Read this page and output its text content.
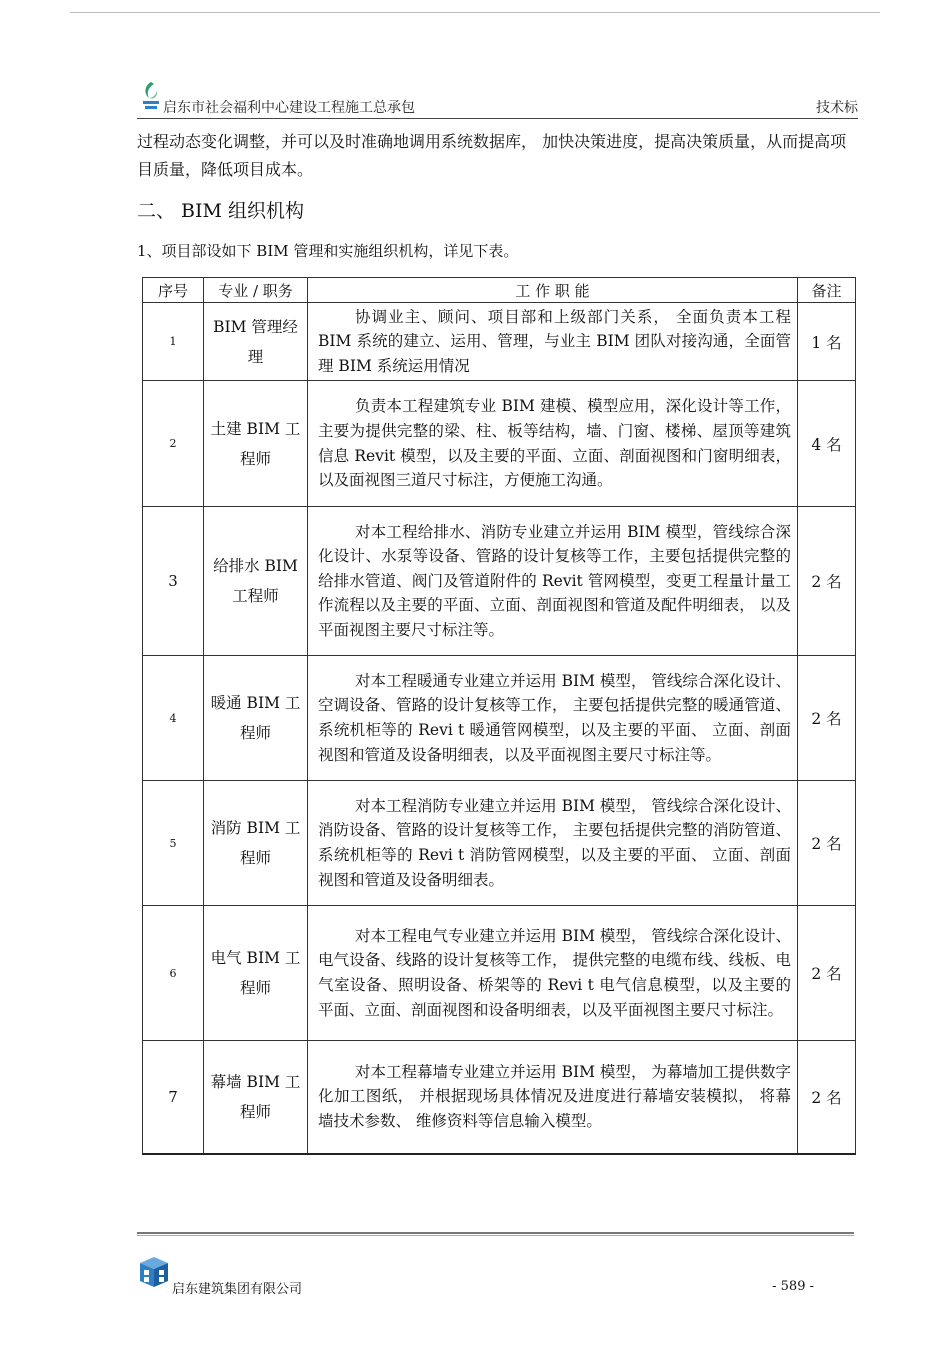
启东市社会福利中心建设工程施工总承包	技术标
过程动态变化调整，并可以及时准确地调用系统数据库， 加快决策进度，提高决策质量，从而提高项目质量，降低项目成本。
二、 BIM 组织机构
1、项目部设如下 BIM 管理和实施组织机构，详见下表。
序号	专业 / 职务	工 作 职 能	备注
1	BIM 管理经理	协调业主、顾问、项目部和上级部门关系， 全面负责本工程 BIM 系统的建立、运用、管理，与业主 BIM 团队对接沟通，全面管理 BIM 系统运用情况	1 名
2	土建 BIM 工程师	负责本工程建筑专业 BIM 建模、模型应用，深化设计等工作，主要为提供完整的梁、柱、板等结构，墙、门窗、楼梯、屋顶等建筑信息 Revit 模型，以及主要的平面、立面、剖面视图和门窗明细表， 以及面视图三道尺寸标注，方便施工沟通。	4 名
3	给排水 BIM 工程师	对本工程给排水、消防专业建立并运用 BIM 模型，管线综合深化设计、水泵等设备、管路的设计复核等工作，主要包括提供完整的给排水管道、阀门及管道附件的 Revit 管网模型，变更工程量计量工作流程以及主要的平面、立面、剖面视图和管道及配件明细表， 以及平面视图主要尺寸标注等。	2 名
4	暖通 BIM 工程师	对本工程暖通专业建立并运用 BIM 模型， 管线综合深化设计、空调设备、管路的设计复核等工作， 主要包括提供完整的暖通管道、系统机柜等的 Revi t 暖通管网模型，以及主要的平面、 立面、剖面视图和管道及设备明细表，以及平面视图主要尺寸标注等。	2 名
5	消防 BIM 工程师	对本工程消防专业建立并运用 BIM 模型， 管线综合深化设计、消防设备、管路的设计复核等工作， 主要包括提供完整的消防管道、系统机柜等的 Revi t 消防管网模型，以及主要的平面、 立面、剖面视图和管道及设备明细表。	2 名
6	电气 BIM 工程师	对本工程电气专业建立并运用 BIM 模型， 管线综合深化设计、电气设备、线路的设计复核等工作， 提供完整的电缆布线、线板、电气室设备、照明设备、桥架等的 Revi t 电气信息模型，以及主要的平面、立面、剖面视图和设备明细表，以及平面视图主要尺寸标注。	2 名
7	幕墙 BIM 工程师	对本工程幕墙专业建立并运用 BIM 模型， 为幕墙加工提供数字化加工图纸， 并根据现场具体情况及进度进行幕墙安装模拟， 将幕墙技术参数、 维修资料等信息输入模型。	2 名
启东建筑集团有限公司	- 589 -
